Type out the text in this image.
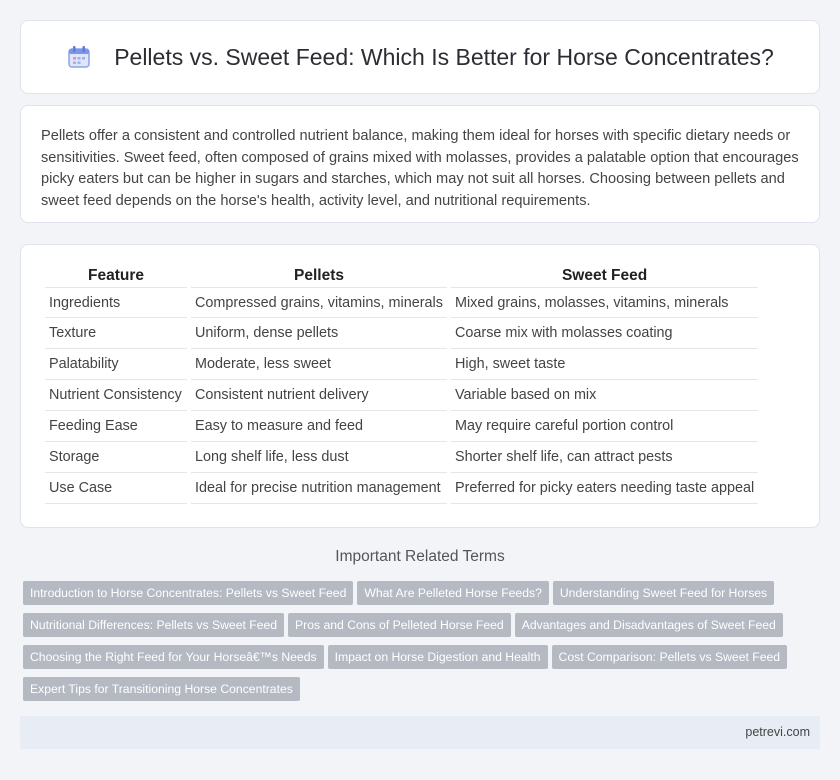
Pellets vs. Sweet Feed: Which Is Better for Horse Concentrates?

Pellets offer a consistent and controlled nutrient balance, making them ideal for horses with specific dietary needs or sensitivities. Sweet feed, often composed of grains mixed with molasses, provides a palatable option that encourages picky eaters but can be higher in sugars and starches, which may not suit all horses. Choosing between pellets and sweet feed depends on the horse's health, activity level, and nutritional requirements.

Feature	Pellets	Sweet Feed
Ingredients	Compressed grains, vitamins, minerals	Mixed grains, molasses, vitamins, minerals
Texture	Uniform, dense pellets	Coarse mix with molasses coating
Palatability	Moderate, less sweet	High, sweet taste
Nutrient Consistency	Consistent nutrient delivery	Variable based on mix
Feeding Ease	Easy to measure and feed	May require careful portion control
Storage	Long shelf life, less dust	Shorter shelf life, can attract pests
Use Case	Ideal for precise nutrition management	Preferred for picky eaters needing taste appeal
Important Related Terms
Introduction to Horse Concentrates: Pellets vs Sweet Feed What Are Pelleted Horse Feeds? Understanding Sweet Feed for Horses
Nutritional Differences: Pellets vs Sweet Feed Pros and Cons of Pelleted Horse Feed Advantages and Disadvantages of Sweet Feed
Choosing the Right Feed for Your Horseâ€™s Needs Impact on Horse Digestion and Health Cost Comparison: Pellets vs Sweet Feed
Expert Tips for Transitioning Horse Concentrates
petrevi.com
